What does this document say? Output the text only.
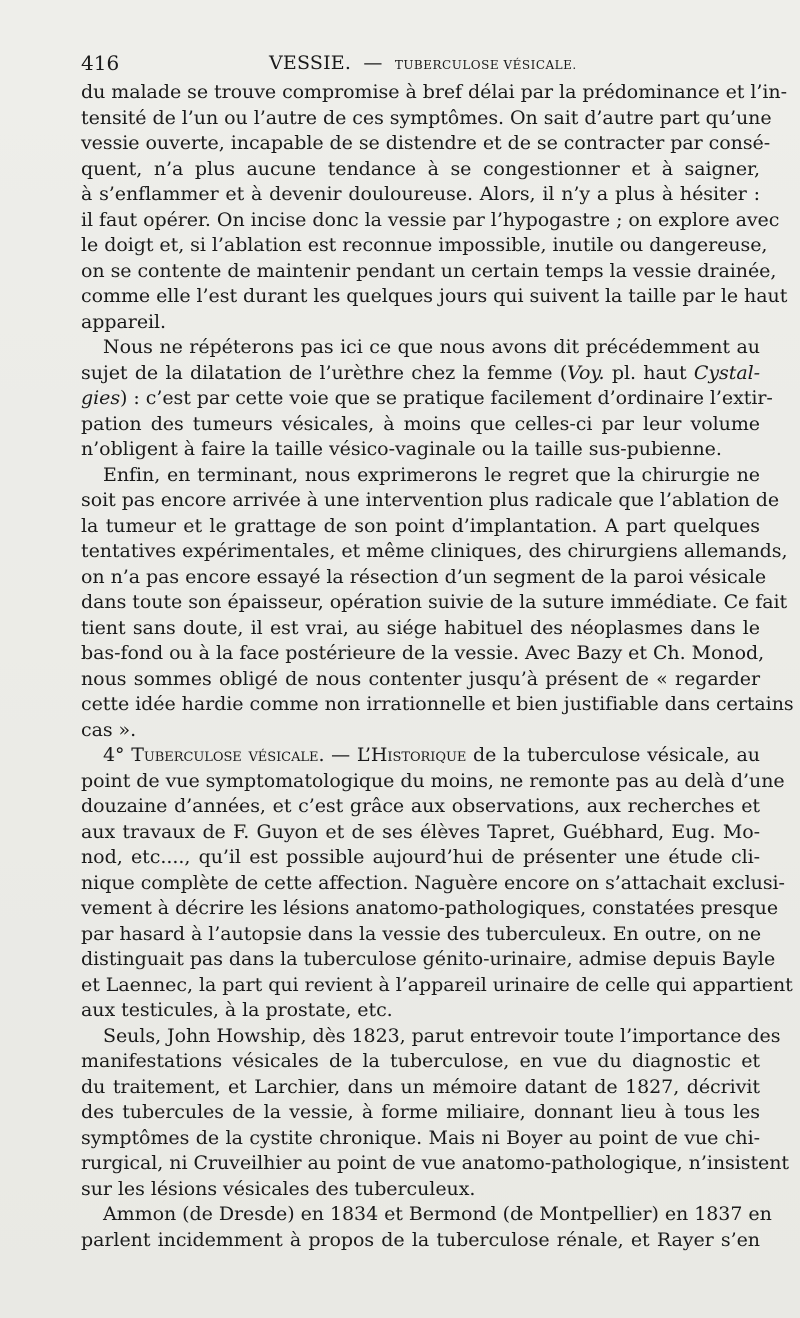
416	VESSIE. — TUBERCULOSE VÉSICALE.
du malade se trouve compromise à bref délai par la prédominance et l’in-
tensité de l’un ou l’autre de ces symptômes. On sait d’autre part qu’une
vessie ouverte, incapable de se distendre et de se contracter par consé-
quent, n’a plus aucune tendance à se congestionner et à saigner,
à s’enflammer et à devenir douloureuse. Alors, il n’y a plus à hésiter :
il faut opérer. On incise donc la vessie par l’hypogastre ; on explore avec
le doigt et, si l’ablation est reconnue impossible, inutile ou dangereuse,
on se contente de maintenir pendant un certain temps la vessie drainée,
comme elle l’est durant les quelques jours qui suivent la taille par le haut
appareil.
Nous ne répéterons pas ici ce que nous avons dit précédemment au
sujet de la dilatation de l’urèthre chez la femme (Voy. pl. haut Cystal-
gies) : c’est par cette voie que se pratique facilement d’ordinaire l’extir-
pation des tumeurs vésicales, à moins que celles-ci par leur volume
n’obligent à faire la taille vésico-vaginale ou la taille sus-pubienne.
Enfin, en terminant, nous exprimerons le regret que la chirurgie ne
soit pas encore arrivée à une intervention plus radicale que l’ablation de
la tumeur et le grattage de son point d’implantation. A part quelques
tentatives expérimentales, et même cliniques, des chirurgiens allemands,
on n’a pas encore essayé la résection d’un segment de la paroi vésicale
dans toute son épaisseur, opération suivie de la suture immédiate. Ce fait
tient sans doute, il est vrai, au siége habituel des néoplasmes dans le
bas-fond ou à la face postérieure de la vessie. Avec Bazy et Ch. Monod,
nous sommes obligé de nous contenter jusqu’à présent de « regarder
cette idée hardie comme non irrationnelle et bien justifiable dans certains
cas ».
4° Tuberculose vésicale. — L’Historique de la tuberculose vésicale, au
point de vue symptomatologique du moins, ne remonte pas au delà d’une
douzaine d’années, et c’est grâce aux observations, aux recherches et
aux travaux de F. Guyon et de ses élèves Tapret, Guébhard, Eug. Mo-
nod, etc...., qu’il est possible aujourd’hui de présenter une étude cli-
nique complète de cette affection. Naguère encore on s’attachait exclusi-
vement à décrire les lésions anatomo-pathologiques, constatées presque
par hasard à l’autopsie dans la vessie des tuberculeux. En outre, on ne
distinguait pas dans la tuberculose génito-urinaire, admise depuis Bayle
et Laennec, la part qui revient à l’appareil urinaire de celle qui appartient
aux testicules, à la prostate, etc.
Seuls, John Howship, dès 1823, parut entrevoir toute l’importance des
manifestations vésicales de la tuberculose, en vue du diagnostic et
du traitement, et Larchier, dans un mémoire datant de 1827, décrivit
des tubercules de la vessie, à forme miliaire, donnant lieu à tous les
symptômes de la cystite chronique. Mais ni Boyer au point de vue chi-
rurgical, ni Cruveilhier au point de vue anatomo-pathologique, n’insistent
sur les lésions vésicales des tuberculeux.
Ammon (de Dresde) en 1834 et Bermond (de Montpellier) en 1837 en
parlent incidemment à propos de la tuberculose rénale, et Rayer s’en
